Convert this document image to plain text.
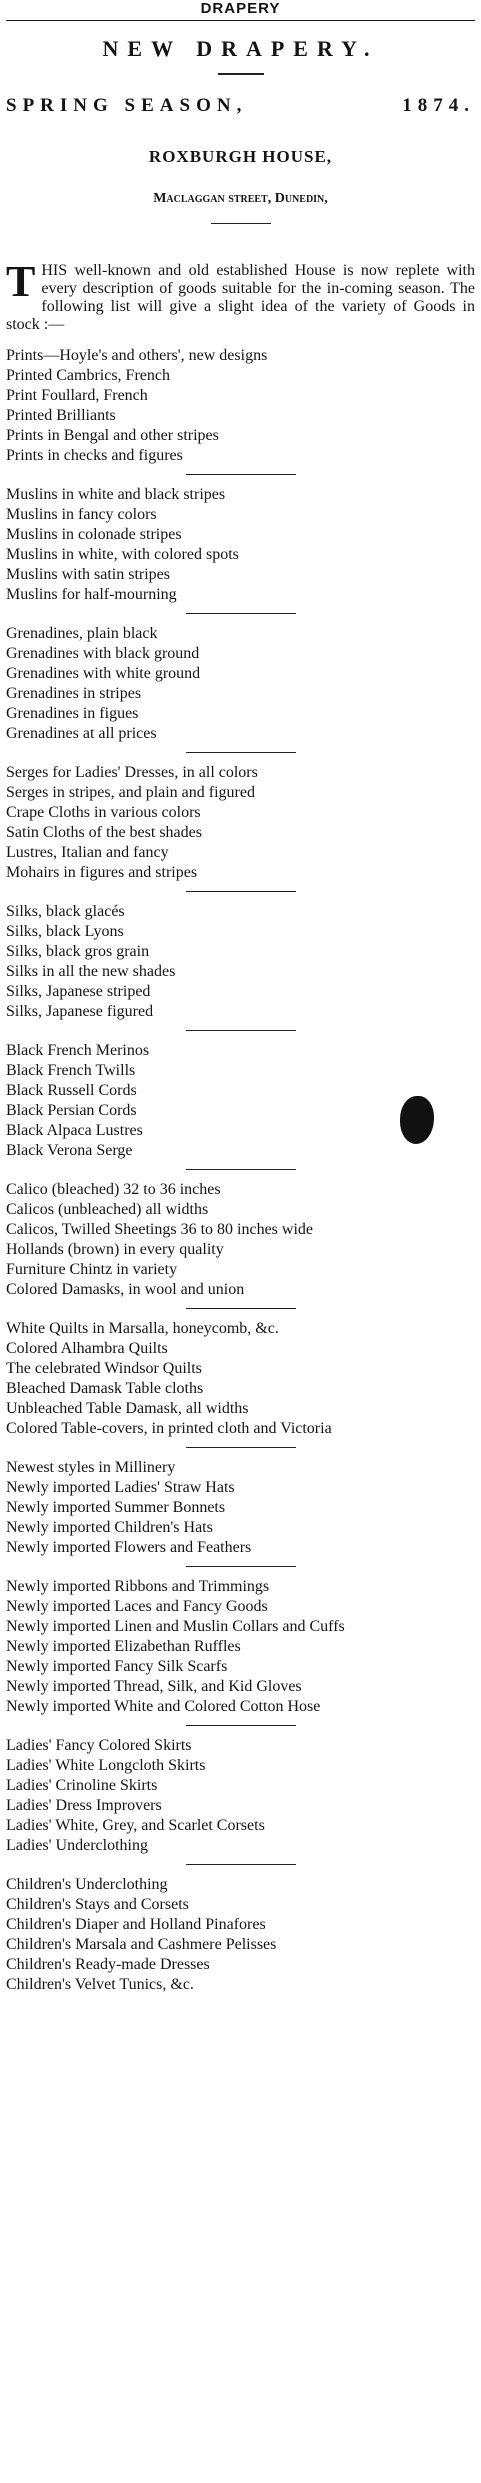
DRAPERY
NEW DRAPERY.
SPRING SEASON,	1874.
ROXBURGH HOUSE,
Maclaggan street, Dunedin,
THIS well-known and old established House is now replete with every description of goods suitable for the in-coming season. The following list will give a slight idea of the variety of Goods in stock :—
Prints—Hoyle's and others', new designs
Printed Cambrics, French
Print Foullard, French
Printed Brilliants
Prints in Bengal and other stripes
Prints in checks and figures
Muslins in white and black stripes
Muslins in fancy colors
Muslins in colonade stripes
Muslins in white, with colored spots
Muslins with satin stripes
Muslins for half-mourning
Grenadines, plain black
Grenadines with black ground
Grenadines with white ground
Grenadines in stripes
Grenadines in figues
Grenadines at all prices
Serges for Ladies' Dresses, in all colors
Serges in stripes, and plain and figured
Crape Cloths in various colors
Satin Cloths of the best shades
Lustres, Italian and fancy
Mohairs in figures and stripes
Silks, black glacés
Silks, black Lyons
Silks, black gros grain
Silks in all the new shades
Silks, Japanese striped
Silks, Japanese figured
Black French Merinos
Black French Twills
Black Russell Cords
Black Persian Cords
Black Alpaca Lustres
Black Verona Serge
Calico (bleached) 32 to 36 inches
Calicos (unbleached) all widths
Calicos, Twilled Sheetings 36 to 80 inches wide
Hollands (brown) in every quality
Furniture Chintz in variety
Colored Damasks, in wool and union
White Quilts in Marsalla, honeycomb, &c.
Colored Alhambra Quilts
The celebrated Windsor Quilts
Bleached Damask Table cloths
Unbleached Table Damask, all widths
Colored Table-covers, in printed cloth and Victoria
Newest styles in Millinery
Newly imported Ladies' Straw Hats
Newly imported Summer Bonnets
Newly imported Children's Hats
Newly imported Flowers and Feathers
Newly imported Ribbons and Trimmings
Newly imported Laces and Fancy Goods
Newly imported Linen and Muslin Collars and Cuffs
Newly imported Elizabethan Ruffles
Newly imported Fancy Silk Scarfs
Newly imported Thread, Silk, and Kid Gloves
Newly imported White and Colored Cotton Hose
Ladies' Fancy Colored Skirts
Ladies' White Longcloth Skirts
Ladies' Crinoline Skirts
Ladies' Dress Improvers
Ladies' White, Grey, and Scarlet Corsets
Ladies' Underclothing
Children's Underclothing
Children's Stays and Corsets
Children's Diaper and Holland Pinafores
Children's Marsala and Cashmere Pelisses
Children's Ready-made Dresses
Children's Velvet Tunics, &c.
